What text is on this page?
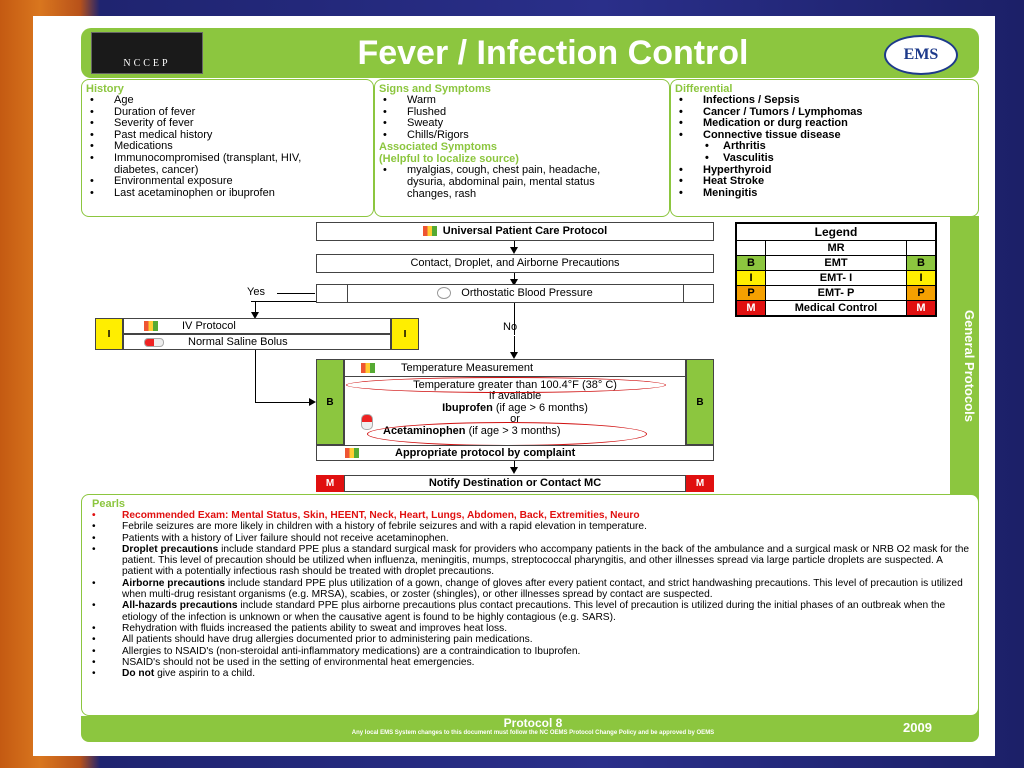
NCCEP	Fever / Infection Control	EMS
History
• Age
• Duration of fever
• Severity of fever
• Past medical history
• Medications
• Immunocompromised (transplant, HIV, diabetes, cancer)
• Environmental exposure
• Last acetaminophen or ibuprofen
Signs and Symptoms
• Warm
• Flushed
• Sweaty
• Chills/Rigors
Associated Symptoms
(Helpful to localize source)
• myalgias, cough, chest pain, headache, dysuria, abdominal pain, mental status changes, rash
Differential
• Infections / Sepsis
• Cancer / Tumors / Lymphomas
• Medication or durg reaction
• Connective tissue disease
• Arthritis
• Vasculitis
• Hyperthyroid
• Heat Stroke
• Meningitis
General Protocols
Legend		
	MR	
B	EMT	B
I	EMT- I	I
P	EMT- P	P
M	Medical Control	M
Universal Patient Care Protocol
Contact, Droplet, and Airborne Precautions
Orthostatic Blood Pressure
Yes
I
IV Protocol
Normal Saline Bolus
I
No
B
Temperature Measurement
Temperature greater than 100.4°F (38° C)
If available
Ibuprofen (if age > 6 months)
or
Acetaminophen (if age > 3 months)
B
Appropriate protocol by complaint
M	Notify Destination or Contact MC	M
Pearls
• Recommended Exam: Mental Status, Skin, HEENT, Neck, Heart, Lungs, Abdomen, Back, Extremities, Neuro
• Febrile seizures are more likely in children with a history of febrile seizures and with a rapid elevation in temperature.
• Patients with a history of Liver failure should not receive acetaminophen.
• Droplet precautions include standard PPE plus a standard surgical mask for providers who accompany patients in the back of the ambulance and a surgical mask or NRB O2 mask for the patient. This level of precaution should be utilized when influenza, meningitis, mumps, streptococcal pharyngitis, and other illnesses spread via large particle droplets are suspected. A patient with a potentially infectious rash should be treated with droplet precautions.
• Airborne precautions include standard PPE plus utilization of a gown, change of gloves after every patient contact, and strict handwashing precautions. This level of precaution is utilized when multi-drug resistant organisms (e.g. MRSA), scabies, or zoster (shingles), or other illnesses spread by contact are suspected.
• All-hazards precautions include standard PPE plus airborne precautions plus contact precautions. This level of precaution is utilized during the initial phases of an outbreak when the etiology of the infection is unknown or when the causative agent is found to be highly contagious (e.g. SARS).
• Rehydration with fluids increased the patients ability to sweat and improves heat loss.
• All patients should have drug allergies documented prior to administering pain medications.
• Allergies to NSAID's (non-steroidal anti-inflammatory medications) are a contraindication to Ibuprofen.
• NSAID's should not be used in the setting of environmental heat emergencies.
• Do not give aspirin to a child.
Protocol 8
Any local EMS System changes to this document must follow the NC OEMS Protocol Change Policy and be approved by OEMS	2009
